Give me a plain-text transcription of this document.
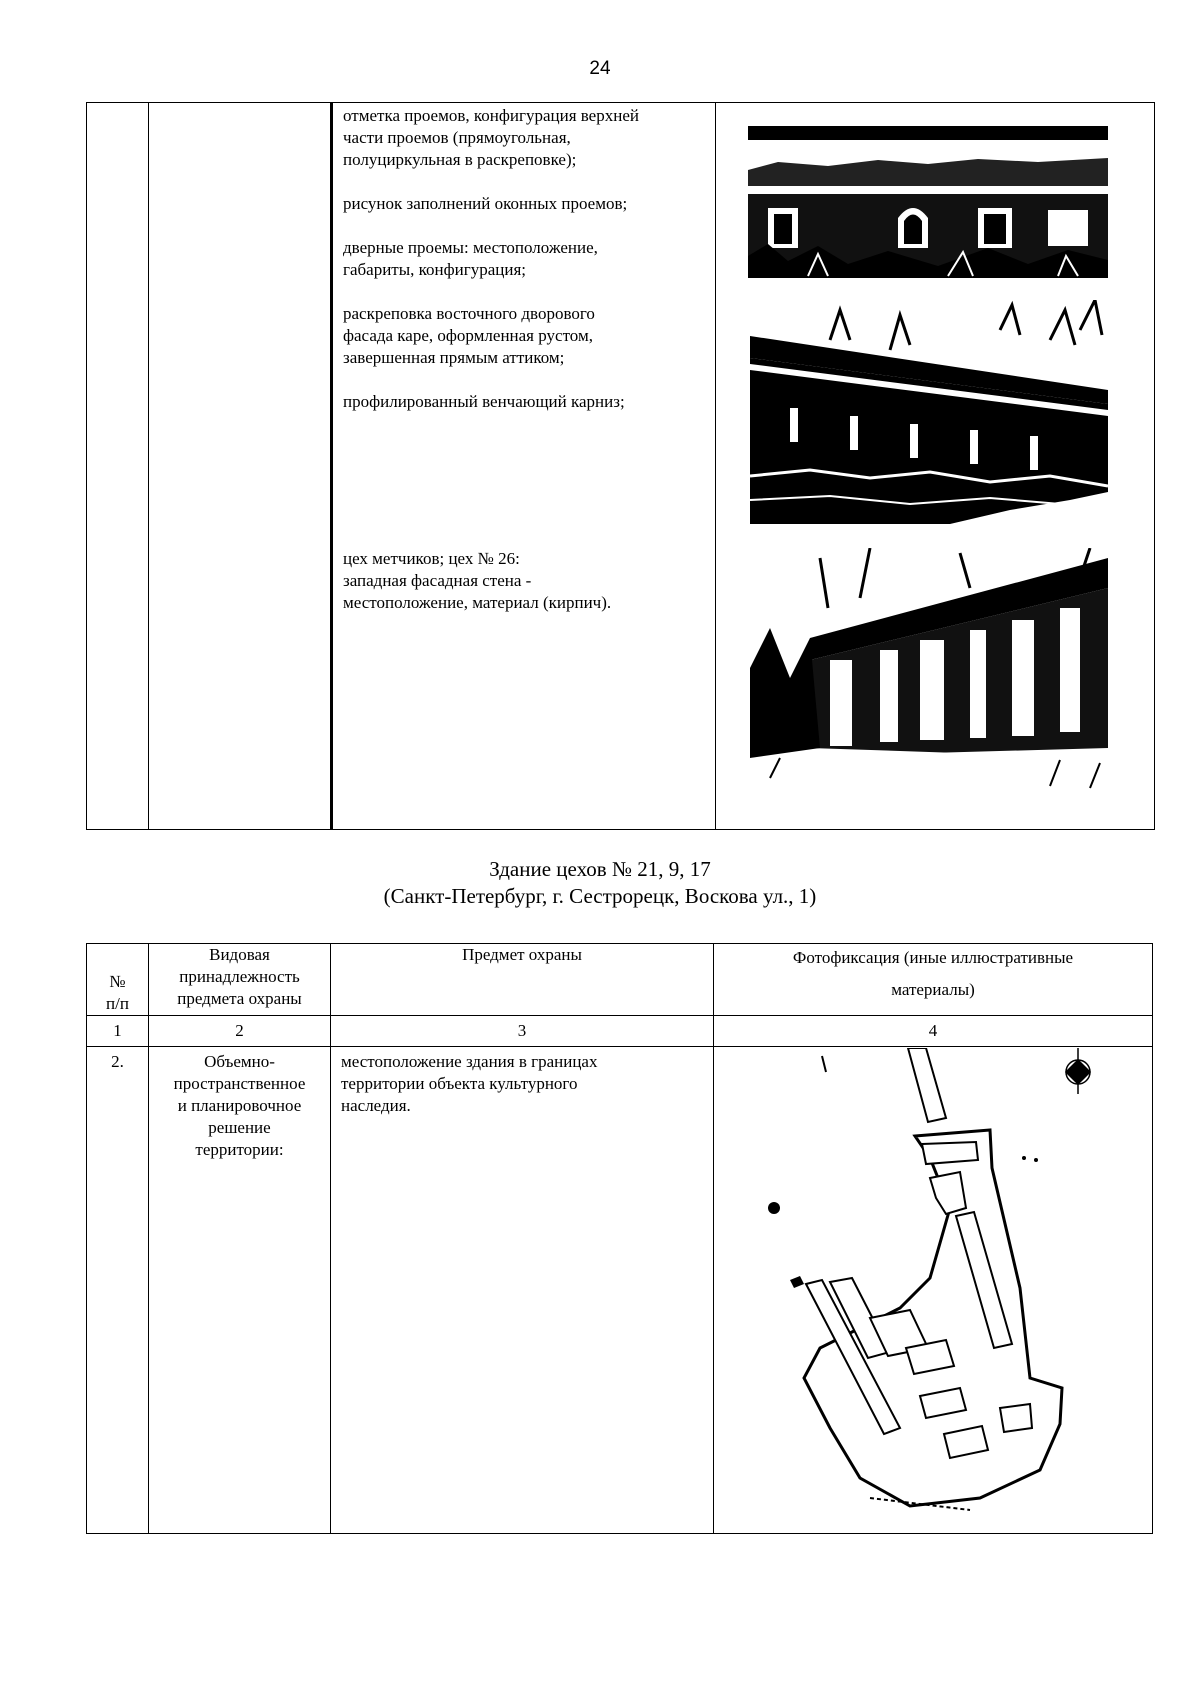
24

отметка проемов, конфигурация верхней
части проемов (прямоугольная,
полуциркульная в раскреповке);

рисунок заполнений оконных проемов;

дверные проемы: местоположение,
габариты, конфигурация;

раскреповка восточного дворового
фасада каре, оформленная рустом,
завершенная прямым аттиком;

профилированный венчающий карниз;

цех метчиков; цех № 26:
западная фасадная стена -
местоположение, материал (кирпич).

Здание цехов № 21, 9, 17
(Санкт-Петербург, г. Сестрорецк, Воскова ул., 1)
№
п/п	Видовая
принадлежность
предмета охраны	Предмет охраны	Фотофиксация (иные иллюстративные

материалы)

1	2	3	4
2.	Объемно-
пространственное
и планировочное
решение
территории:	местоположение здания в границах
территории объекта культурного
наследия.	
